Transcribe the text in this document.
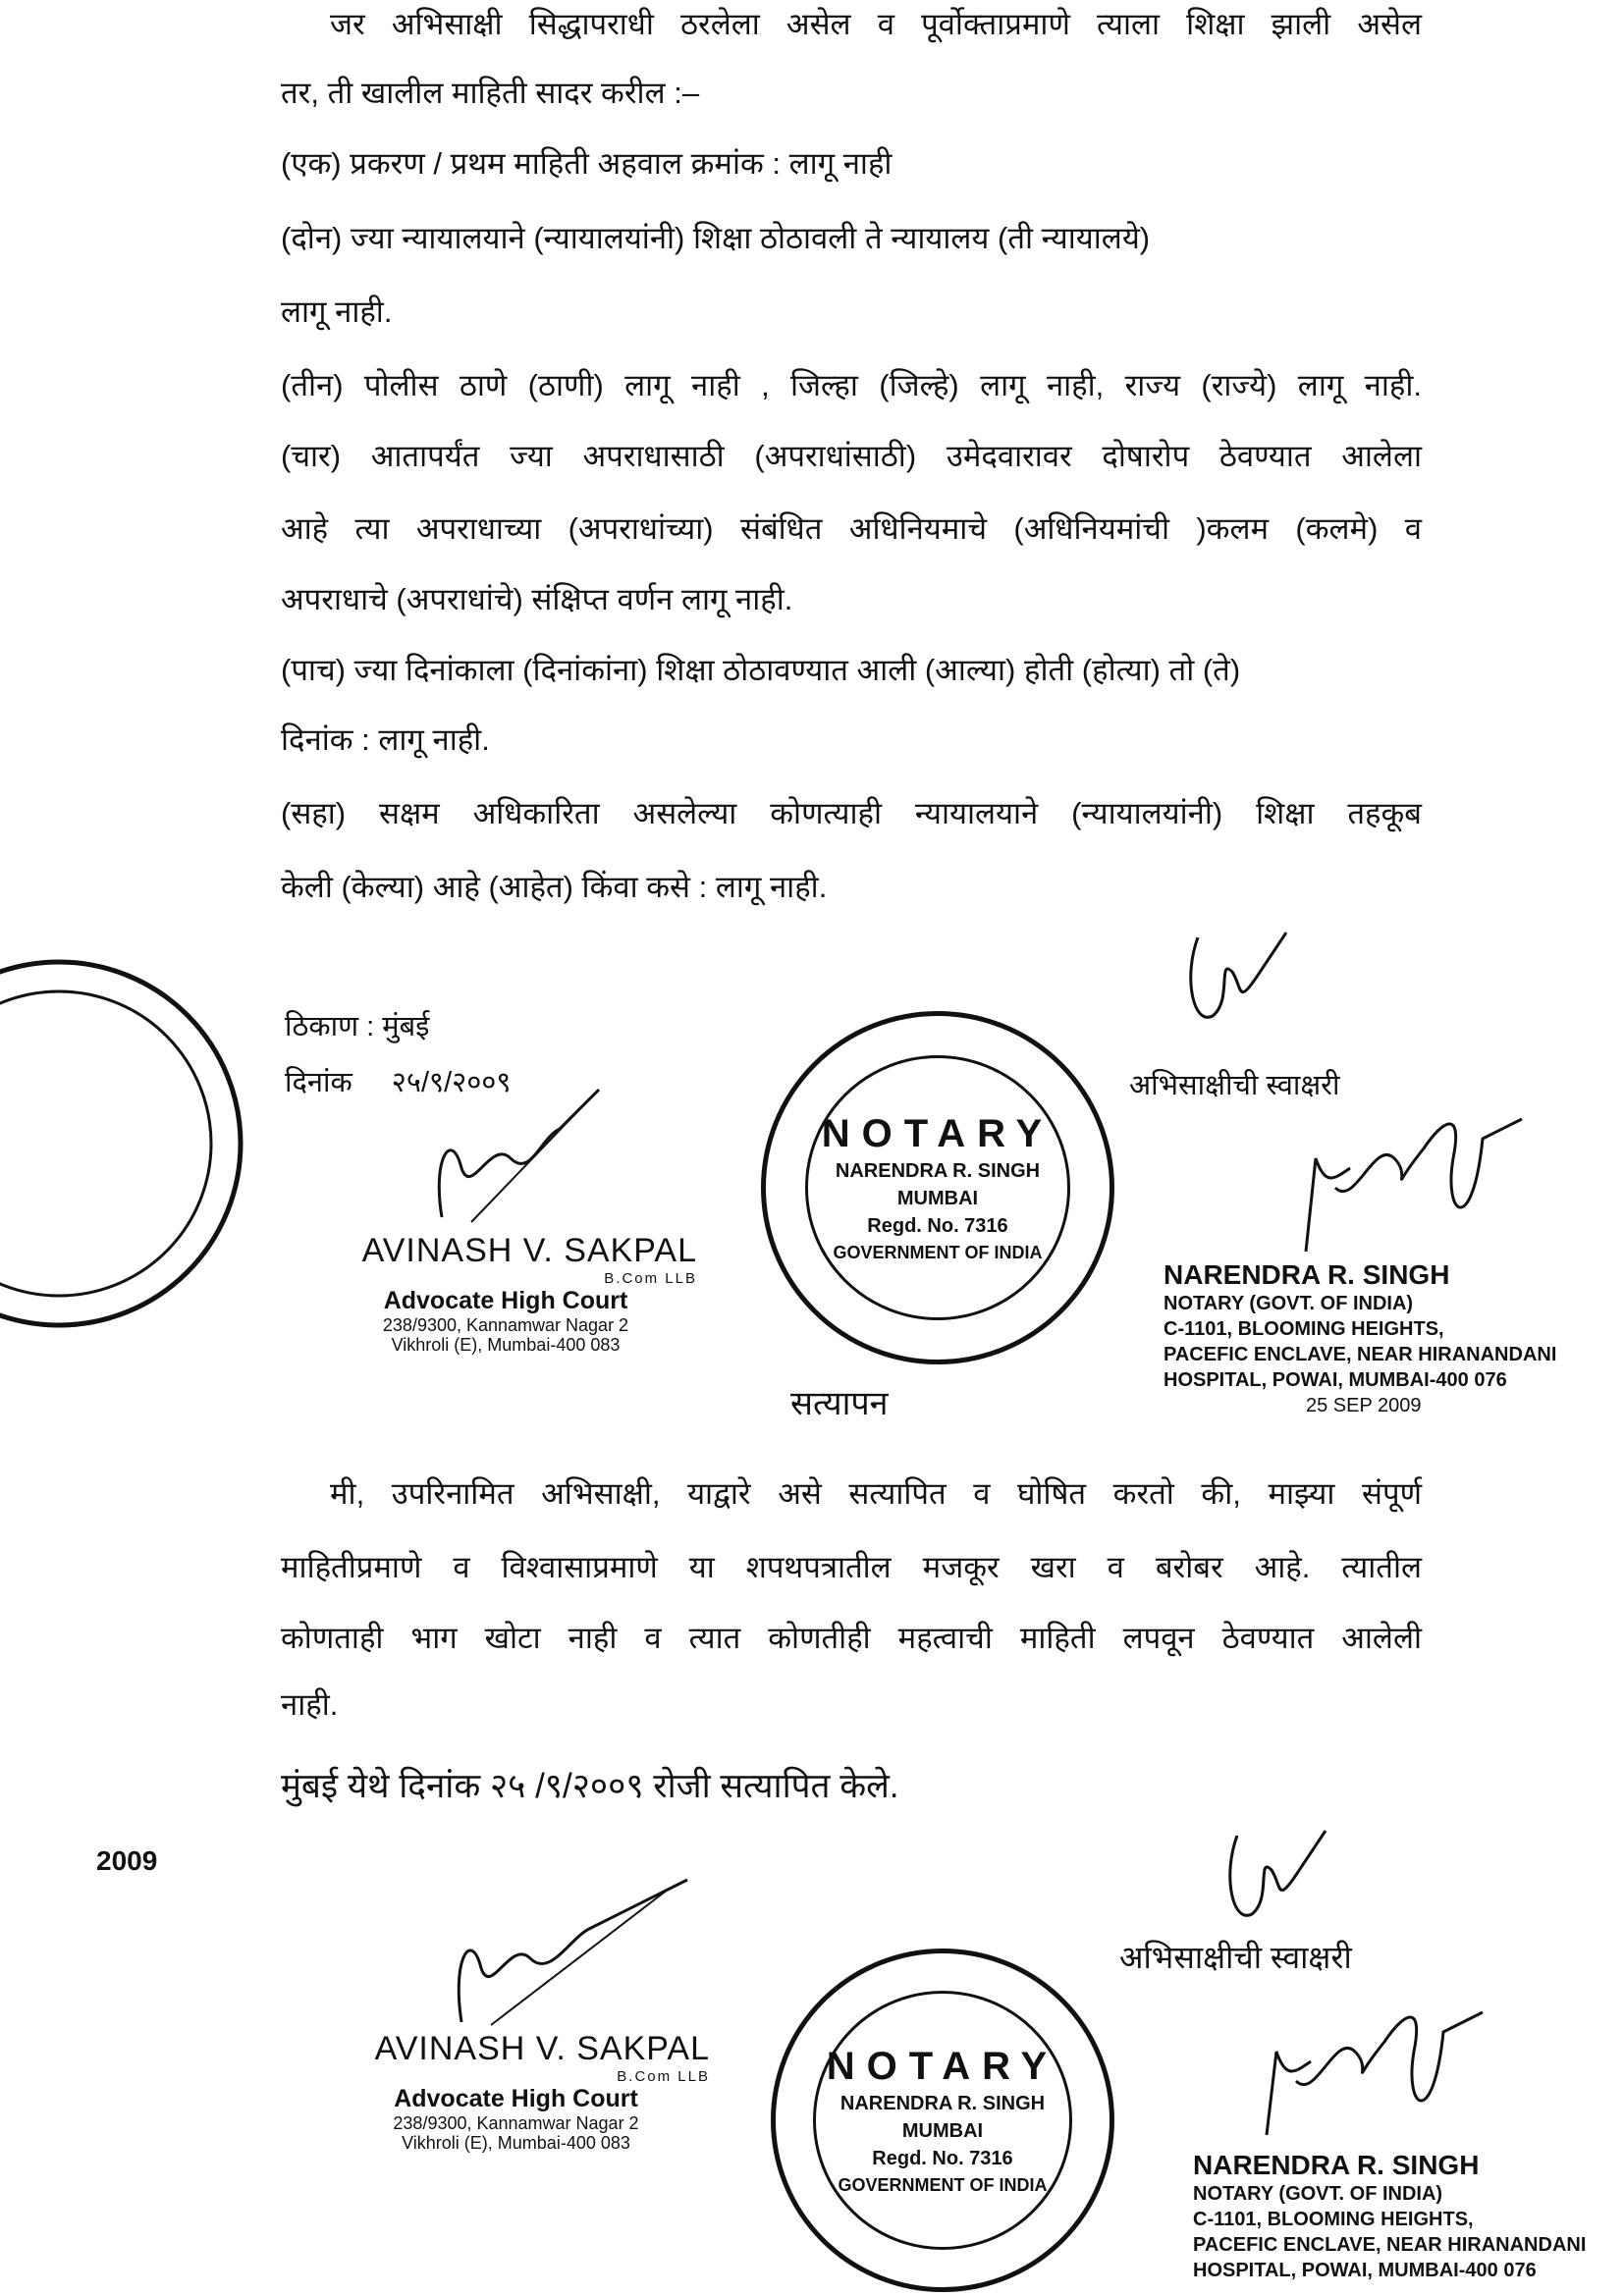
जर अभिसाक्षी सिद्धापराधी ठरलेला असेल व पूर्वोक्ताप्रमाणे त्याला शिक्षा झाली असेल
तर, ती खालील माहिती सादर करील :–
(एक) प्रकरण / प्रथम माहिती अहवाल क्रमांक : लागू नाही
(दोन) ज्या न्यायालयाने (न्यायालयांनी) शिक्षा ठोठावली ते न्यायालय (ती न्यायालये)
लागू नाही.
(तीन) पोलीस ठाणे (ठाणी) लागू नाही , जिल्हा (जिल्हे) लागू नाही, राज्य (राज्ये) लागू नाही.
(चार) आतापर्यंत ज्या अपराधासाठी (अपराधांसाठी) उमेदवारावर दोषारोप ठेवण्यात आलेला
आहे त्या अपराधाच्या (अपराधांच्या) संबंधित अधिनियमाचे (अधिनियमांची )कलम (कलमे) व
अपराधाचे (अपराधांचे) संक्षिप्त वर्णन लागू नाही.
(पाच) ज्या दिनांकाला (दिनांकांना) शिक्षा ठोठावण्यात आली (आल्या) होती (होत्या) तो (ते)
दिनांक : लागू नाही.
(सहा) सक्षम अधिकारिता असलेल्या कोणत्याही न्यायालयाने (न्यायालयांनी) शिक्षा तहकूब
केली (केल्या) आहे (आहेत) किंवा कसे : लागू नाही.
ठिकाण : मुंबई
दिनांक २५/९/२००९	अभिसाक्षीची स्वाक्षरी
AVINASH V. SAKPAL
B.Com LLB
Advocate High Court
238/9300, Kannamwar Nagar 2
Vikhroli (E), Mumbai-400 083
NOTARY
NARENDRA R. SINGH
MUMBAI
Regd. No. 7316
GOVERNMENT OF INDIA
सत्यापन
NARENDRA R. SINGH
NOTARY (GOVT. OF INDIA)
C-1101, BLOOMING HEIGHTS,
PACEFIC ENCLAVE, NEAR HIRANANDANI
HOSPITAL, POWAI, MUMBAI-400 076
25 SEP 2009
मी, उपरिनामित अभिसाक्षी, याद्वारे असे सत्यापित व घोषित करतो की, माझ्या संपूर्ण
माहितीप्रमाणे व विश्वासाप्रमाणे या शपथपत्रातील मजकूर खरा व बरोबर आहे. त्यातील
कोणताही भाग खोटा नाही व त्यात कोणतीही महत्वाची माहिती लपवून ठेवण्यात आलेली
नाही.
मुंबई येथे दिनांक २५ /९/२००९ रोजी सत्यापित केले.
2009
अभिसाक्षीची स्वाक्षरी
AVINASH V. SAKPAL
B.Com LLB
Advocate High Court
238/9300, Kannamwar Nagar 2
Vikhroli (E), Mumbai-400 083
NOTARY
NARENDRA R. SINGH
MUMBAI
Regd. No. 7316
GOVERNMENT OF INDIA
NARENDRA R. SINGH
NOTARY (GOVT. OF INDIA)
C-1101, BLOOMING HEIGHTS,
PACEFIC ENCLAVE, NEAR HIRANANDANI
HOSPITAL, POWAI, MUMBAI-400 076
